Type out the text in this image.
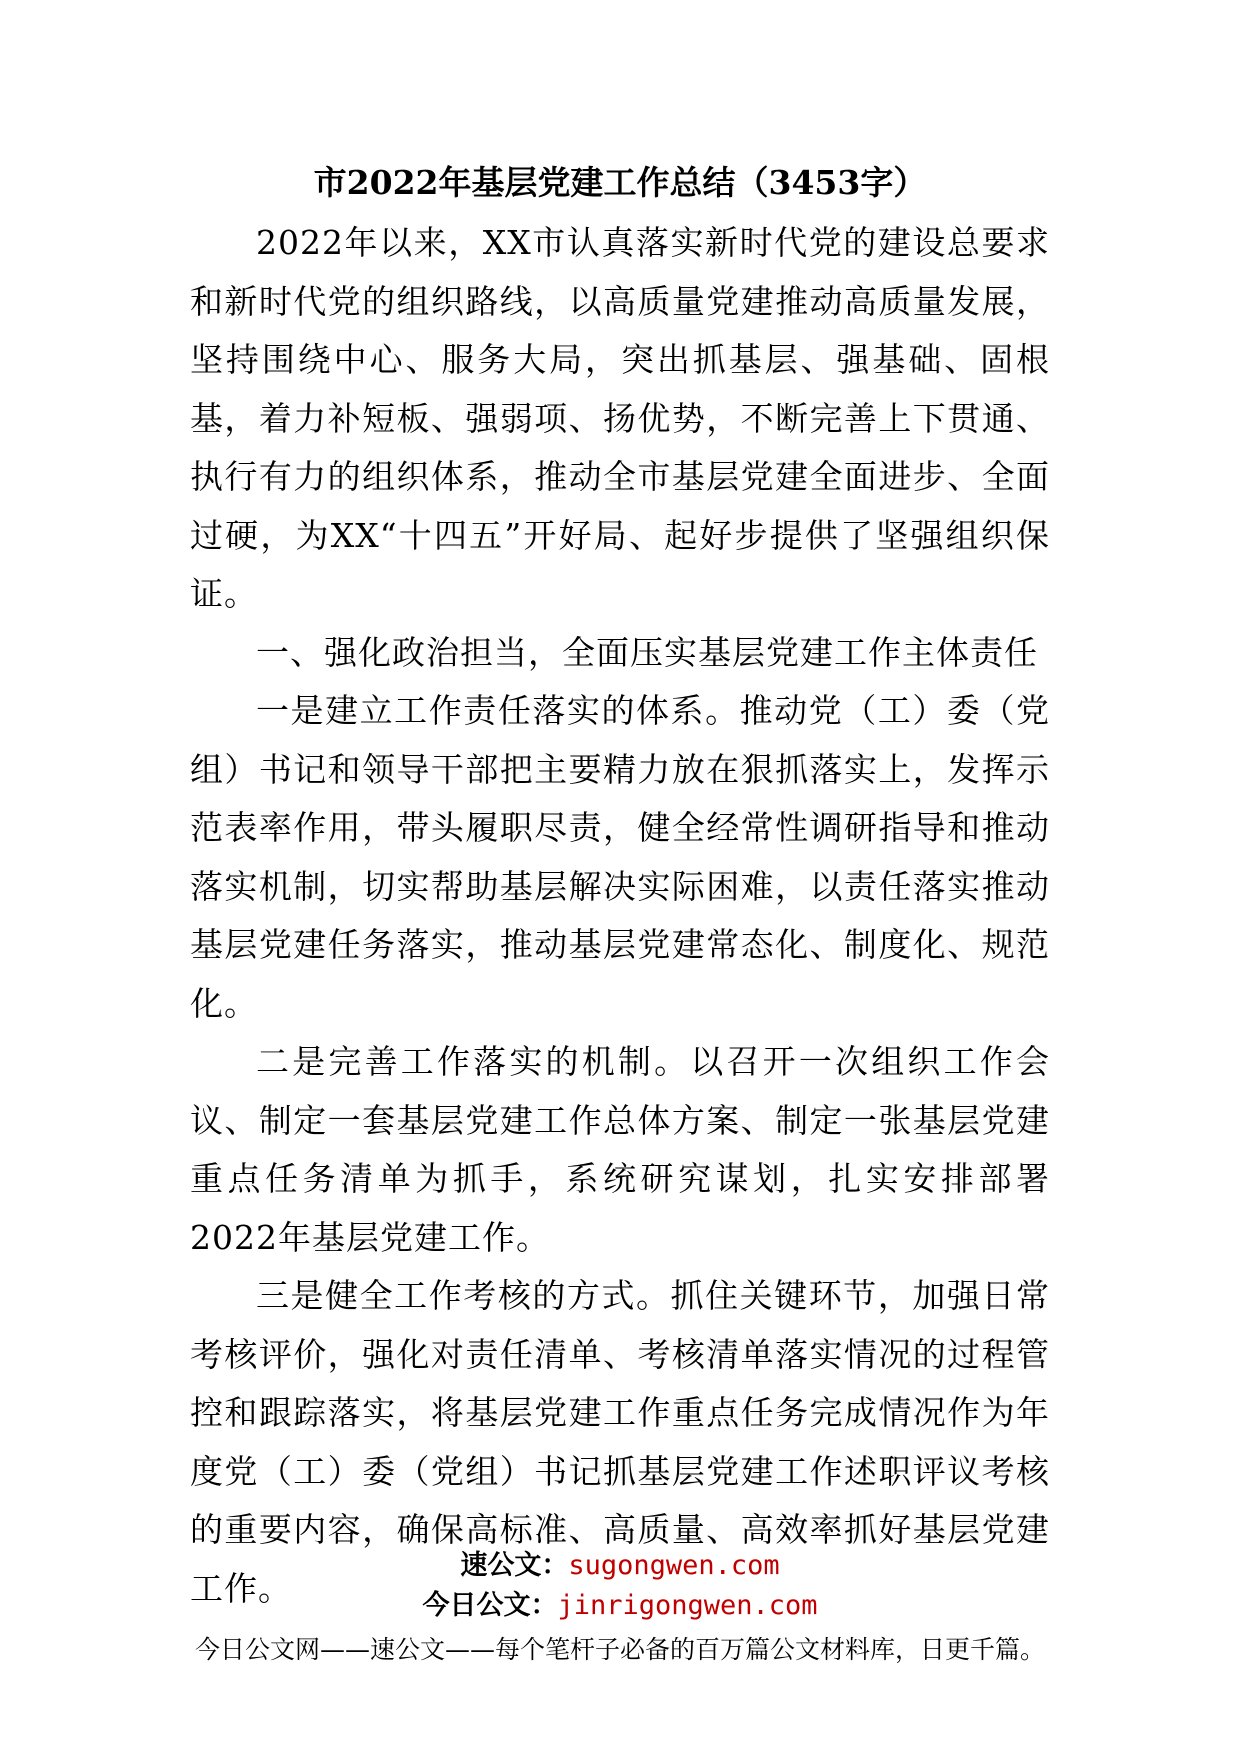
市2022年基层党建工作总结（3453字）

2022年以来，XX市认真落实新时代党的建设总要求和新时代党的组织路线，以高质量党建推动高质量发展，坚持围绕中心、服务大局，突出抓基层、强基础、固根基，着力补短板、强弱项、扬优势，不断完善上下贯通、执行有力的组织体系，推动全市基层党建全面进步、全面过硬，为XX“十四五”开好局、起好步提供了坚强组织保证。

一、强化政治担当，全面压实基层党建工作主体责任

一是建立工作责任落实的体系。推动党（工）委（党组）书记和领导干部把主要精力放在狠抓落实上，发挥示范表率作用，带头履职尽责，健全经常性调研指导和推动落实机制，切实帮助基层解决实际困难，以责任落实推动基层党建任务落实，推动基层党建常态化、制度化、规范化。

二是完善工作落实的机制。以召开一次组织工作会议、制定一套基层党建工作总体方案、制定一张基层党建重点任务清单为抓手，系统研究谋划，扎实安排部署2022年基层党建工作。

三是健全工作考核的方式。抓住关键环节，加强日常考核评价，强化对责任清单、考核清单落实情况的过程管控和跟踪落实，将基层党建工作重点任务完成情况作为年度党（工）委（党组）书记抓基层党建工作述职评议考核的重要内容，确保高标准、高质量、高效率抓好基层党建工作。

速公文：sugongwen.com
今日公文：jinrigongwen.com
今日公文网——速公文——每个笔杆子必备的百万篇公文材料库，日更千篇。
